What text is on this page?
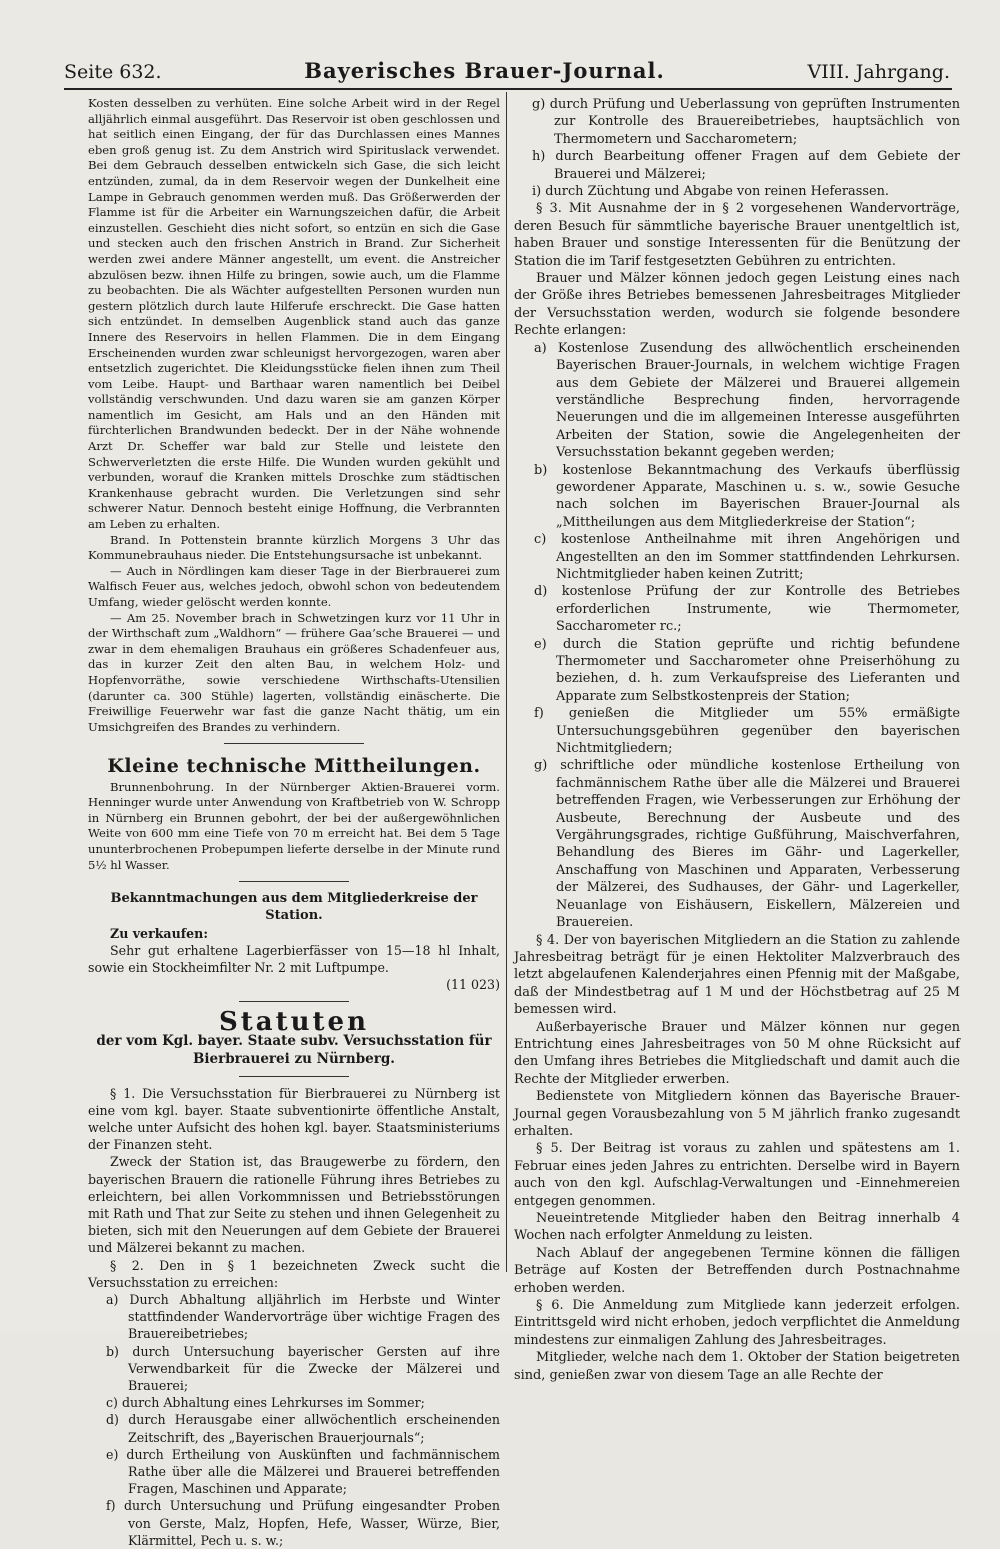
Seite 632.	Bayerisches Brauer-Journal.	VIII. Jahrgang.

Kosten desselben zu verhüten. Eine solche Arbeit wird in der Regel alljährlich einmal ausgeführt. Das Reservoir ist oben geschlossen und hat seitlich einen Eingang, der für das Durchlassen eines Mannes eben groß genug ist. Zu dem Anstrich wird Spirituslack verwendet. Bei dem Gebrauch desselben entwickeln sich Gase, die sich leicht entzünden, zumal, da in dem Reservoir wegen der Dunkelheit eine Lampe in Gebrauch genommen werden muß. Das Größerwerden der Flamme ist für die Arbeiter ein Warnungszeichen dafür, die Arbeit einzustellen. Geschieht dies nicht sofort, so entzün en sich die Gase und stecken auch den frischen Anstrich in Brand. Zur Sicherheit werden zwei andere Männer angestellt, um event. die Anstreicher abzulösen bezw. ihnen Hilfe zu bringen, sowie auch, um die Flamme zu beobachten. Die als Wächter aufgestellten Personen wurden nun gestern plötzlich durch laute Hilferufe erschreckt. Die Gase hatten sich entzündet. In demselben Augenblick stand auch das ganze Innere des Reservoirs in hellen Flammen. Die in dem Eingang Erscheinenden wurden zwar schleunigst hervorgezogen, waren aber entsetzlich zugerichtet. Die Kleidungsstücke fielen ihnen zum Theil vom Leibe. Haupt- und Barthaar waren namentlich bei Deibel vollständig verschwunden. Und dazu waren sie am ganzen Körper namentlich im Gesicht, am Hals und an den Händen mit fürchterlichen Brandwunden bedeckt. Der in der Nähe wohnende Arzt Dr. Scheffer war bald zur Stelle und leistete den Schwerverletzten die erste Hilfe. Die Wunden wurden gekühlt und verbunden, worauf die Kranken mittels Droschke zum städtischen Krankenhause gebracht wurden. Die Verletzungen sind sehr schwerer Natur. Dennoch besteht einige Hoffnung, die Verbrannten am Leben zu erhalten.

Brand. In Pottenstein brannte kürzlich Morgens 3 Uhr das Kommunebrauhaus nieder. Die Entstehungsursache ist unbekannt.

— Auch in Nördlingen kam dieser Tage in der Bierbrauerei zum Walfisch Feuer aus, welches jedoch, obwohl schon von bedeutendem Umfang, wieder gelöscht werden konnte.

— Am 25. November brach in Schwetzingen kurz vor 11 Uhr in der Wirthschaft zum „Waldhorn“ — frühere Gaa’sche Brauerei — und zwar in dem ehemaligen Brauhaus ein größeres Schadenfeuer aus, das in kurzer Zeit den alten Bau, in welchem Holz- und Hopfenvorräthe, sowie verschiedene Wirthschafts-Utensilien (darunter ca. 300 Stühle) lagerten, vollständig einäscherte. Die Freiwillige Feuerwehr war fast die ganze Nacht thätig, um ein Umsichgreifen des Brandes zu verhindern.

Kleine technische Mittheilungen.

Brunnenbohrung. In der Nürnberger Aktien-Brauerei vorm. Henninger wurde unter Anwendung von Kraftbetrieb von W. Schropp in Nürnberg ein Brunnen gebohrt, der bei der außergewöhnlichen Weite von 600 mm eine Tiefe von 70 m erreicht hat. Bei dem 5 Tage ununterbrochenen Probepumpen lieferte derselbe in der Minute rund 5½ hl Wasser.

Bekanntmachungen aus dem Mitgliederkreise der Station.

Zu verkaufen:

Sehr gut erhaltene Lagerbierfässer von 15—18 hl Inhalt, sowie ein Stockheimfilter Nr. 2 mit Luftpumpe.

(11 023)

Statuten
der vom Kgl. bayer. Staate subv. Versuchsstation für Bierbrauerei zu Nürnberg.

§ 1. Die Versuchsstation für Bierbrauerei zu Nürnberg ist eine vom kgl. bayer. Staate subventionirte öffentliche Anstalt, welche unter Aufsicht des hohen kgl. bayer. Staatsministeriums der Finanzen steht.

Zweck der Station ist, das Braugewerbe zu fördern, den bayerischen Brauern die rationelle Führung ihres Betriebes zu erleichtern, bei allen Vorkommnissen und Betriebsstörungen mit Rath und That zur Seite zu stehen und ihnen Gelegenheit zu bieten, sich mit den Neuerungen auf dem Gebiete der Brauerei und Mälzerei bekannt zu machen.

§ 2. Den in § 1 bezeichneten Zweck sucht die Versuchsstation zu erreichen:

a) Durch Abhaltung alljährlich im Herbste und Winter stattfindender Wandervorträge über wichtige Fragen des Brauereibetriebes;

b) durch Untersuchung bayerischer Gersten auf ihre Verwendbarkeit für die Zwecke der Mälzerei und Brauerei;

c) durch Abhaltung eines Lehrkurses im Sommer;

d) durch Herausgabe einer allwöchentlich erscheinenden Zeitschrift, des „Bayerischen Brauerjournals“;

e) durch Ertheilung von Auskünften und fachmännischem Rathe über alle die Mälzerei und Brauerei betreffenden Fragen, Maschinen und Apparate;

f) durch Untersuchung und Prüfung eingesandter Proben von Gerste, Malz, Hopfen, Hefe, Wasser, Würze, Bier, Klärmittel, Pech u. s. w.;

g) durch Prüfung und Ueberlassung von geprüften Instrumenten zur Kontrolle des Brauereibetriebes, hauptsächlich von Thermometern und Saccharometern;

h) durch Bearbeitung offener Fragen auf dem Gebiete der Brauerei und Mälzerei;

i) durch Züchtung und Abgabe von reinen Heferassen.

§ 3. Mit Ausnahme der in § 2 vorgesehenen Wandervorträge, deren Besuch für sämmtliche bayerische Brauer unentgeltlich ist, haben Brauer und sonstige Interessenten für die Benützung der Station die im Tarif festgesetzten Gebühren zu entrichten.

Brauer und Mälzer können jedoch gegen Leistung eines nach der Größe ihres Betriebes bemessenen Jahresbeitrages Mitglieder der Versuchsstation werden, wodurch sie folgende besondere Rechte erlangen:

a) Kostenlose Zusendung des allwöchentlich erscheinenden Bayerischen Brauer-Journals, in welchem wichtige Fragen aus dem Gebiete der Mälzerei und Brauerei allgemein verständliche Besprechung finden, hervorragende Neuerungen und die im allgemeinen Interesse ausgeführten Arbeiten der Station, sowie die Angelegenheiten der Versuchsstation bekannt gegeben werden;

b) kostenlose Bekanntmachung des Verkaufs überflüssig gewordener Apparate, Maschinen u. s. w., sowie Gesuche nach solchen im Bayerischen Brauer-Journal als „Mittheilungen aus dem Mitgliederkreise der Station“;

c) kostenlose Antheilnahme mit ihren Angehörigen und Angestellten an den im Sommer stattfindenden Lehrkursen. Nichtmitglieder haben keinen Zutritt;

d) kostenlose Prüfung der zur Kontrolle des Betriebes erforderlichen Instrumente, wie Thermometer, Saccharometer rc.;

e) durch die Station geprüfte und richtig befundene Thermometer und Saccharometer ohne Preiserhöhung zu beziehen, d. h. zum Verkaufspreise des Lieferanten und Apparate zum Selbstkostenpreis der Station;

f) genießen die Mitglieder um 55% ermäßigte Untersuchungsgebühren gegenüber den bayerischen Nichtmitgliedern;

g) schriftliche oder mündliche kostenlose Ertheilung von fachmännischem Rathe über alle die Mälzerei und Brauerei betreffenden Fragen, wie Verbesserungen zur Erhöhung der Ausbeute, Berechnung der Ausbeute und des Vergährungsgrades, richtige Gußführung, Maischverfahren, Behandlung des Bieres im Gähr- und Lagerkeller, Anschaffung von Maschinen und Apparaten, Verbesserung der Mälzerei, des Sudhauses, der Gähr- und Lagerkeller, Neuanlage von Eishäusern, Eiskellern, Mälzereien und Brauereien.

§ 4. Der von bayerischen Mitgliedern an die Station zu zahlende Jahresbeitrag beträgt für je einen Hektoliter Malzverbrauch des letzt abgelaufenen Kalenderjahres einen Pfennig mit der Maßgabe, daß der Mindestbetrag auf 1 M und der Höchstbetrag auf 25 M bemessen wird.

Außerbayerische Brauer und Mälzer können nur gegen Entrichtung eines Jahresbeitrages von 50 M ohne Rücksicht auf den Umfang ihres Betriebes die Mitgliedschaft und damit auch die Rechte der Mitglieder erwerben.

Bedienstete von Mitgliedern können das Bayerische Brauer-Journal gegen Vorausbezahlung von 5 M jährlich franko zugesandt erhalten.

§ 5. Der Beitrag ist voraus zu zahlen und spätestens am 1. Februar eines jeden Jahres zu entrichten. Derselbe wird in Bayern auch von den kgl. Aufschlag-Verwaltungen und -Einnehmereien entgegen genommen.

Neueintretende Mitglieder haben den Beitrag innerhalb 4 Wochen nach erfolgter Anmeldung zu leisten.

Nach Ablauf der angegebenen Termine können die fälligen Beträge auf Kosten der Betreffenden durch Postnachnahme erhoben werden.

§ 6. Die Anmeldung zum Mitgliede kann jederzeit erfolgen. Eintrittsgeld wird nicht erhoben, jedoch verpflichtet die Anmeldung mindestens zur einmaligen Zahlung des Jahresbeitrages.

Mitglieder, welche nach dem 1. Oktober der Station beigetreten sind, genießen zwar von diesem Tage an alle Rechte der
